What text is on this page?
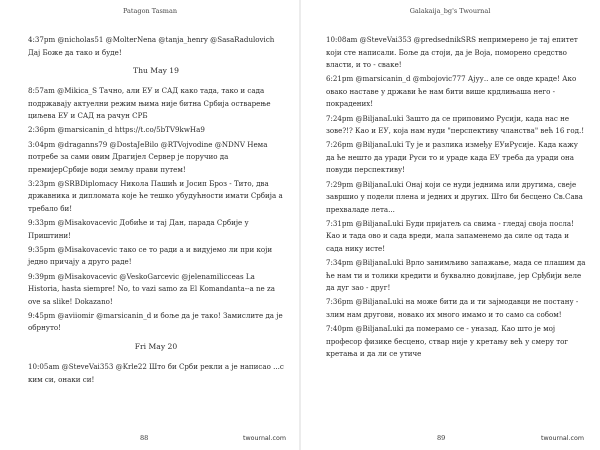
Patagon Tasman

4:37pm @nicholas51 @MolterNena @tanja_henry @SasaRadulovich Дај Боже да тако и буде!

Thu May 19

8:57am @Mikica_S Тачно, али ЕУ и САД како тада, тако и сада подржавају актуелни режим њима није битна Србија остварење циљева ЕУ и САД на рачун СРБ

2:36pm @marsicanin_d https://t.co/5bTV9kwHa9

3:04pm @draganns79 @DostaJeBilo @RTVojvodine @NDNV Нема потребе за сами овим Драгиjeл Сервер је поручио да премијерСрбије води земљу прави путем!

3:23pm @SRBDiplomacy Никола Пашић и Јосип Броз - Тито, два државника и дипломата које ће тешко убудућности имати Србија а требало би!

9:33pm @Misakovacevic Добиће и тај Дан, парада Србије у Приштини!

9:35pm @Misakovacevic тако се то ради а и видујемо ли при који једно причају а друго раде!

9:39pm @Misakovacevic @VeskoGarcevic @jelenamilicceas La Historia, hasta siempre! No, to vazi samo za El Komandanta--a ne za ove sa slike! Dokazano!

9:45pm @aviiomir @marsicanin_d и боље да је тако! Замислите да је обрнуто!

Fri May 20

10:05am @SteveVai353 @Krle22 Што би Срби рекли а је написао ...с ким си, онаки си!

88	twournal.com
Galakaija_bg's Twournal

10:08am @SteveVai353 @predsednikSRS непримерено је тај епитет који сте написали. Боље да стоји, да је Воја, поморено средство власти, и то - сваке!

6:21pm @marsicanin_d @mbojovic777 Ајуу.. але се овде краде! Ако овако наставе у држави ће нам бити више крдлињаша него - покрадених!

7:24pm @BiljanaLuki Зашто да се приповимо Русији, када нас не зове?!? Као и ЕУ, која нам нуди "перспективу чланства" већ 16 год.!

7:26pm @BiljanaLuki Ту је и разлика између ЕУиРусије. Када кажу да ће нешто да уради Руси то и урадe када ЕУ треба да уради она повуди перспективу!

7:29pm @BiljanaLuki Онај који се нуди једнима или другима, свеje завршио у подели плена и једних и других. Што би бесцено Св.Сава прехваладе лета...

7:31pm @BiljanaLuki Буди пријатељ са свима - гледај своја посла! Као и тада ово и сада вреди, мала запаменемо да силе од тада и сада нику исте!

7:34pm @BiljanaLuki Врло занимљиво запажање, мада се плашим да ће нам ти и толики кредити и буквално довијлаве, јер Срђбији веле да дуг зао - друг!

7:36pm @BiljanaLuki на може бити да и ти зајмодавци не постану - злим нам другови, новако их много имамо и то само са собом!

7:40pm @BiljanaLuki да померамо се - уназад. Као што је мој професор физике бесцено, ствар није у кретању већ у смеру тог кретања и да ли се утиче

89	twournal.com
